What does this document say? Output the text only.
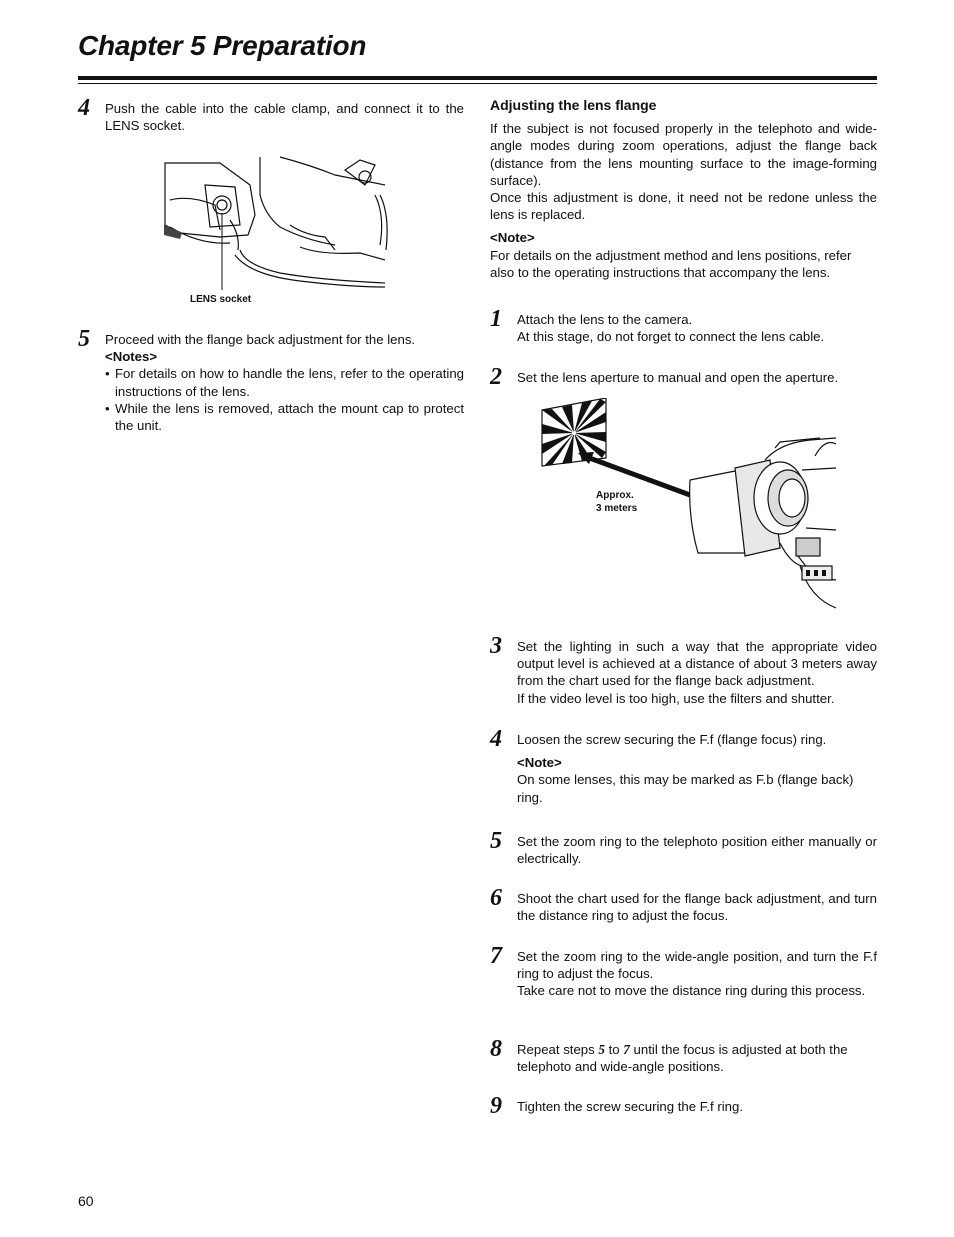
Chapter 5 Preparation
4 Push the cable into the cable clamp, and connect it to the LENS socket.

LENS socket
5 Proceed with the flange back adjustment for the lens.

<Notes>

• For details on how to handle the lens, refer to the operating instructions of the lens.
• While the lens is removed, attach the mount cap to protect the unit.

Adjusting the lens flange

If the subject is not focused properly in the telephoto and wide-angle modes during zoom operations, adjust the flange back (distance from the lens mounting surface to the image-forming surface).

Once this adjustment is done, it need not be redone unless the lens is replaced.

<Note>

For details on the adjustment method and lens positions, refer also to the operating instructions that accompany the lens.

1 Attach the lens to the camera.

At this stage, do not forget to connect the lens cable.

2 Set the lens aperture to manual and open the aperture.

Approx.
3 meters
3 Set the lighting in such a way that the appropriate video output level is achieved at a distance of about 3 meters away from the chart used for the flange back adjustment.

If the video level is too high, use the filters and shutter.

4 Loosen the screw securing the F.f (flange focus) ring.

<Note>

On some lenses, this may be marked as F.b (flange back) ring.

5 Set the zoom ring to the telephoto position either manually or electrically.

6 Shoot the chart used for the flange back adjustment, and turn the distance ring to adjust the focus.

7 Set the zoom ring to the wide-angle position, and turn the F.f ring to adjust the focus.

Take care not to move the distance ring during this process.

8 Repeat steps 5 to 7 until the focus is adjusted at both the telephoto and wide-angle positions.

9 Tighten the screw securing the F.f ring.

60
